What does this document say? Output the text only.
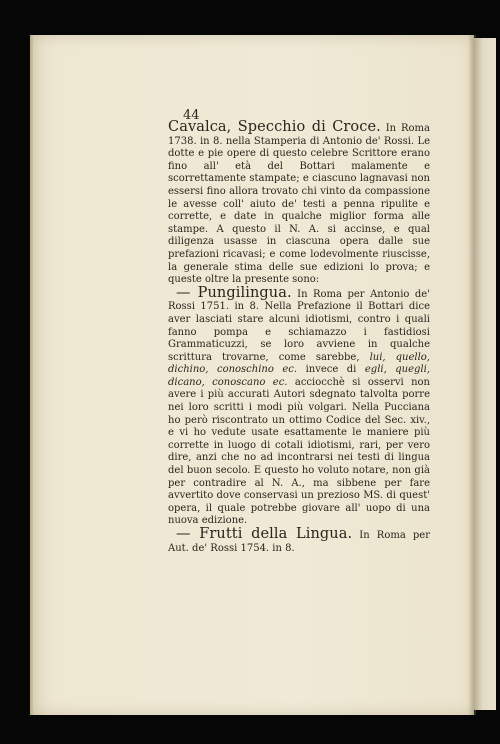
44

Cavalca, Specchio di Croce. In Roma 1738. in 8. nella Stamperia di Antonio de' Rossi. Le dotte e pie opere di questo celebre Scrittore erano fino all' età del Bottari malamente e scorrettamente stampate; e ciascuno lagnavasi non essersi fino allora trovato chi vinto da compassione le avesse coll' aiuto de' testi a penna ripulite e corrette, e date in qualche miglior forma alle stampe. A questo il N. A. si accinse, e qual diligenza usasse in ciascuna opera dalle sue prefazioni ricavasi; e come lodevolmente riuscisse, la generale stima delle sue edizioni lo prova; e queste oltre la presente sono:

— Pungilingua. In Roma per Antonio de' Rossi 1751. in 8. Nella Prefazione il Bottari dice aver lasciati stare alcuni idiotismi, contro i quali fanno pompa e schiamazzo i fastidiosi Grammaticuzzi, se loro avviene in qualche scrittura trovarne, come sarebbe, lui, quello, dichino, conoschino ec. invece di egli, quegli, dicano, conoscano ec. acciocchè si osservi non avere i più accurati Autori sdegnato talvolta porre nei loro scritti i modi più volgari. Nella Pucciana ho però riscontrato un ottimo Codice del Sec. xiv., e vi ho vedute usate esattamente le maniere più corrette in luogo di cotali idiotismi, rari, per vero dire, anzi che no ad incontrarsi nei testi di lingua del buon secolo. E questo ho voluto notare, non già per contradire al N. A., ma sibbene per fare avvertito dove conservasi un prezioso MS. di quest' opera, il quale potrebbe giovare all' uopo di una nuova edizione.

— Frutti della Lingua. In Roma per Aut. de' Rossi 1754. in 8.
